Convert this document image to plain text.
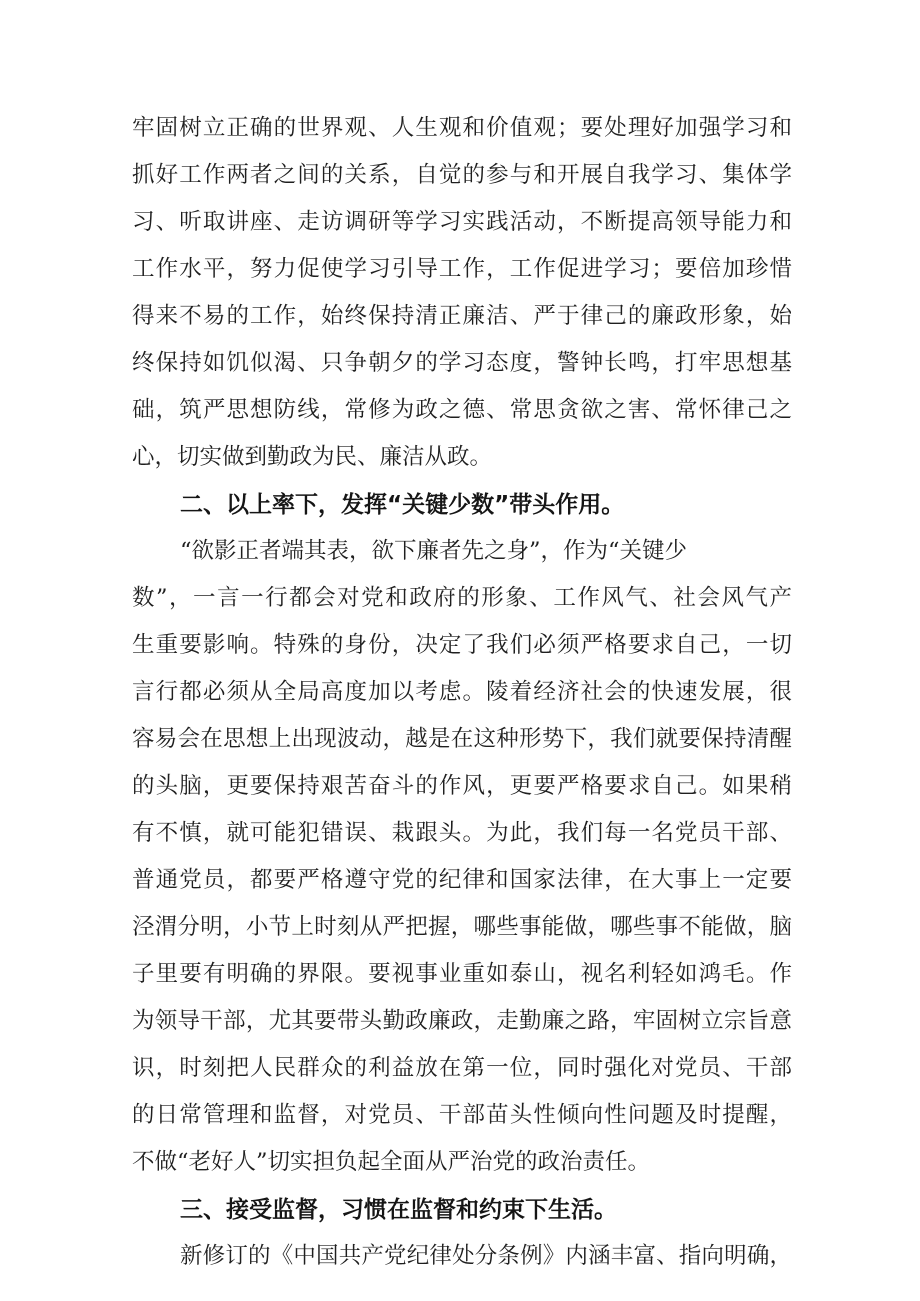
牢固树立正确的世界观、人生观和价值观；要处理好加强学习和
抓好工作两者之间的关系，自觉的参与和开展自我学习、集体学
习、听取讲座、走访调研等学习实践活动，不断提高领导能力和
工作水平，努力促使学习引导工作，工作促进学习；要倍加珍惜
得来不易的工作，始终保持清正廉洁、严于律己的廉政形象，始
终保持如饥似渴、只争朝夕的学习态度，警钟长鸣，打牢思想基
础，筑严思想防线，常修为政之德、常思贪欲之害、常怀律己之
心，切实做到勤政为民、廉洁从政。
二、以上率下，发挥“关键少数”带头作用。
“欲影正者端其表，欲下廉者先之身”，作为“关键少
数”，一言一行都会对党和政府的形象、工作风气、社会风气产
生重要影响。特殊的身份，决定了我们必须严格要求自己，一切
言行都必须从全局高度加以考虑。陵着经济社会的快速发展，很
容易会在思想上出现波动，越是在这种形势下，我们就要保持清醒
的头脑，更要保持艰苦奋斗的作风，更要严格要求自己。如果稍
有不慎，就可能犯错误、栽跟头。为此，我们每一名党员干部、
普通党员，都要严格遵守党的纪律和国家法律，在大事上一定要
泾渭分明，小节上时刻从严把握，哪些事能做，哪些事不能做，脑
子里要有明确的界限。要视事业重如泰山，视名利轻如鸿毛。作
为领导干部，尤其要带头勤政廉政，走勤廉之路，牢固树立宗旨意
识，时刻把人民群众的利益放在第一位，同时强化对党员、干部
的日常管理和监督，对党员、干部苗头性倾向性问题及时提醒，
不做“老好人”切实担负起全面从严治党的政治责任。
三、接受监督，习惯在监督和约束下生活。
新修订的《中国共产党纪律处分条例》内涵丰富、指向明确，
